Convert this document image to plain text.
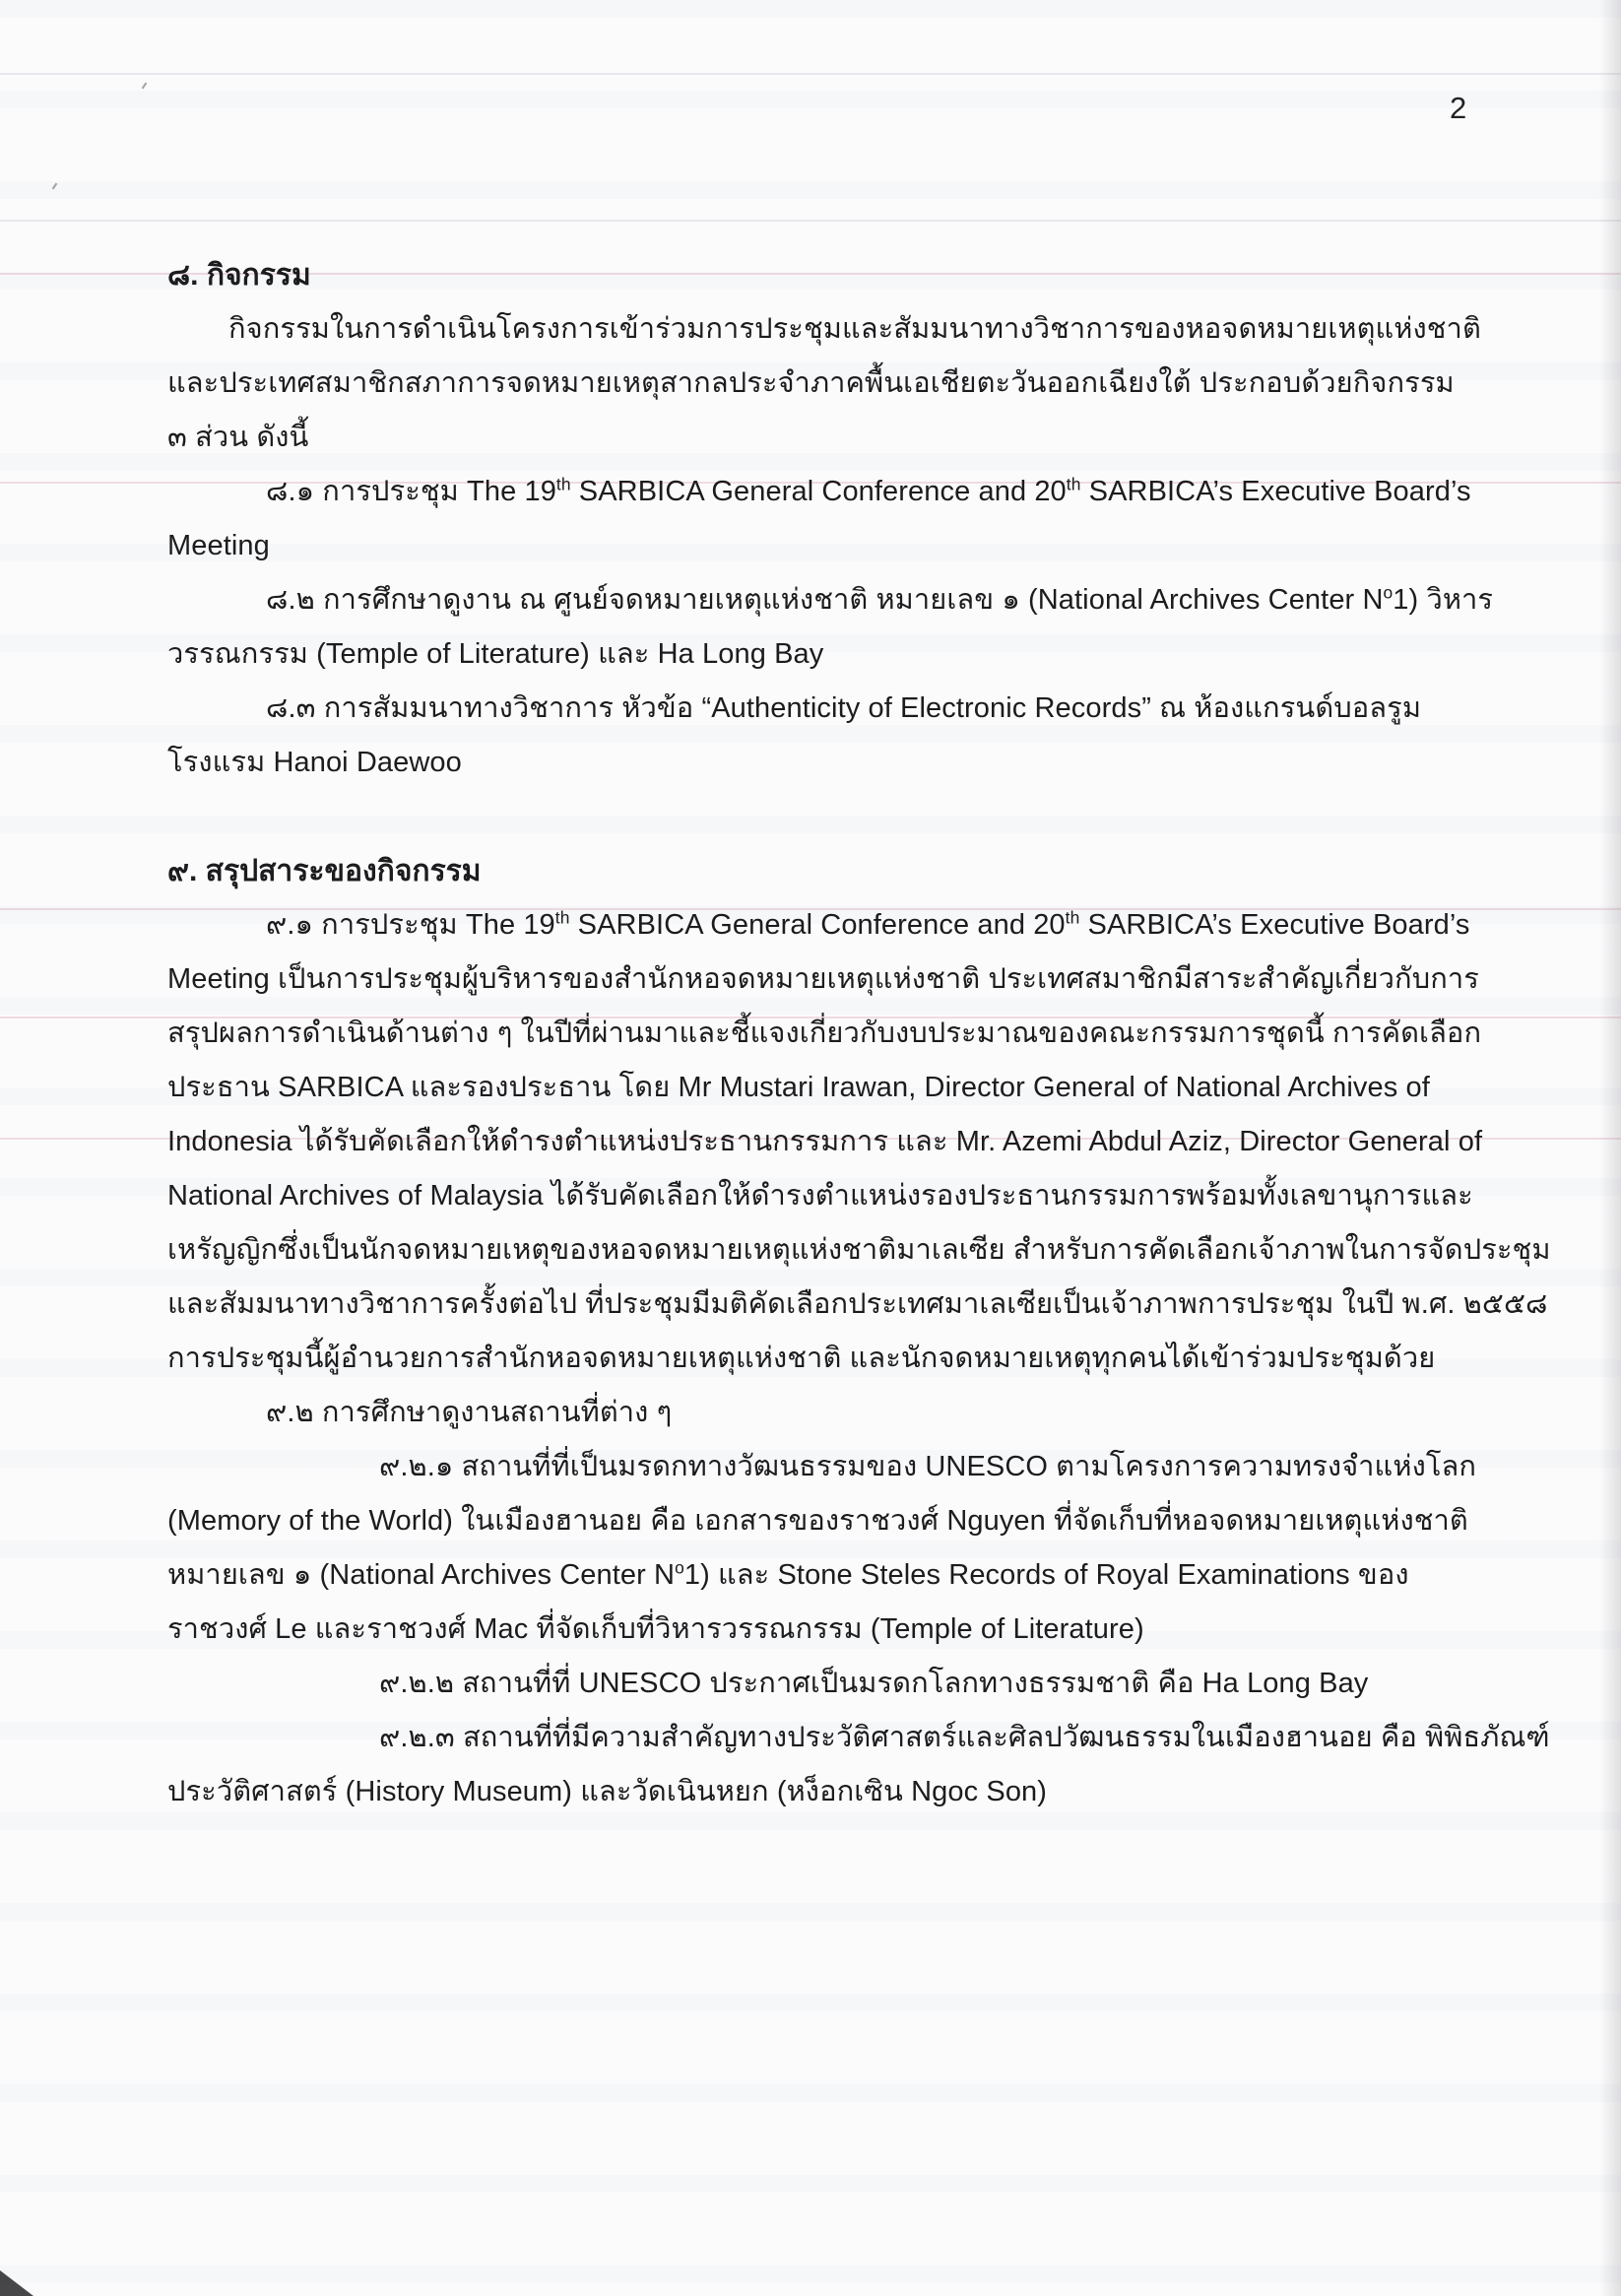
2
๘. กิจกรรม
กิจกรรมในการดำเนินโครงการเข้าร่วมการประชุมและสัมมนาทางวิชาการของหอจดหมายเหตุแห่งชาติ
และประเทศสมาชิกสภาการจดหมายเหตุสากลประจำภาคพื้นเอเชียตะวันออกเฉียงใต้ ประกอบด้วยกิจกรรม
๓ ส่วน ดังนี้
๘.๑ การประชุม The 19th SARBICA General Conference and 20th SARBICA’s Executive Board’s
Meeting
๘.๒ การศึกษาดูงาน ณ ศูนย์จดหมายเหตุแห่งชาติ หมายเลข ๑ (National Archives Center $N^o1$) วิหาร
วรรณกรรม (Temple of Literature) และ Ha Long Bay
๘.๓ การสัมมนาทางวิชาการ หัวข้อ “Authenticity of Electronic Records” ณ ห้องแกรนด์บอลรูม
โรงแรม Hanoi Daewoo
๙. สรุปสาระของกิจกรรม
๙.๑ การประชุม The 19th SARBICA General Conference and 20th SARBICA’s Executive Board’s
Meeting เป็นการประชุมผู้บริหารของสำนักหอจดหมายเหตุแห่งชาติ ประเทศสมาชิกมีสาระสำคัญเกี่ยวกับการ
สรุปผลการดำเนินด้านต่าง ๆ ในปีที่ผ่านมาและชี้แจงเกี่ยวกับงบประมาณของคณะกรรมการชุดนี้ การคัดเลือก
ประธาน SARBICA และรองประธาน โดย Mr Mustari Irawan, Director General of National Archives of
Indonesia ได้รับคัดเลือกให้ดำรงตำแหน่งประธานกรรมการ และ Mr. Azemi Abdul Aziz, Director General of
National Archives of Malaysia ได้รับคัดเลือกให้ดำรงตำแหน่งรองประธานกรรมการพร้อมทั้งเลขานุการและ
เหรัญญิกซึ่งเป็นนักจดหมายเหตุของหอจดหมายเหตุแห่งชาติมาเลเซีย สำหรับการคัดเลือกเจ้าภาพในการจัดประชุม
และสัมมนาทางวิชาการครั้งต่อไป ที่ประชุมมีมติคัดเลือกประเทศมาเลเซียเป็นเจ้าภาพการประชุม ในปี พ.ศ. ๒๕๕๘
การประชุมนี้ผู้อำนวยการสำนักหอจดหมายเหตุแห่งชาติ และนักจดหมายเหตุทุกคนได้เข้าร่วมประชุมด้วย
๙.๒ การศึกษาดูงานสถานที่ต่าง ๆ
๙.๒.๑ สถานที่ที่เป็นมรดกทางวัฒนธรรมของ UNESCO ตามโครงการความทรงจำแห่งโลก
(Memory of the World) ในเมืองฮานอย คือ เอกสารของราชวงศ์ Nguyen ที่จัดเก็บที่หอจดหมายเหตุแห่งชาติ
หมายเลข ๑ (National Archives Center $N^o1$) และ Stone Steles Records of Royal Examinations ของ
ราชวงศ์ Le และราชวงศ์ Mac ที่จัดเก็บที่วิหารวรรณกรรม (Temple of Literature)
๙.๒.๒ สถานที่ที่ UNESCO ประกาศเป็นมรดกโลกทางธรรมชาติ คือ Ha Long Bay
๙.๒.๓ สถานที่ที่มีความสำคัญทางประวัติศาสตร์และศิลปวัฒนธรรมในเมืองฮานอย คือ พิพิธภัณฑ์
ประวัติศาสตร์ (History Museum) และวัดเนินหยก (หง็อกเซิน Ngoc Son)
